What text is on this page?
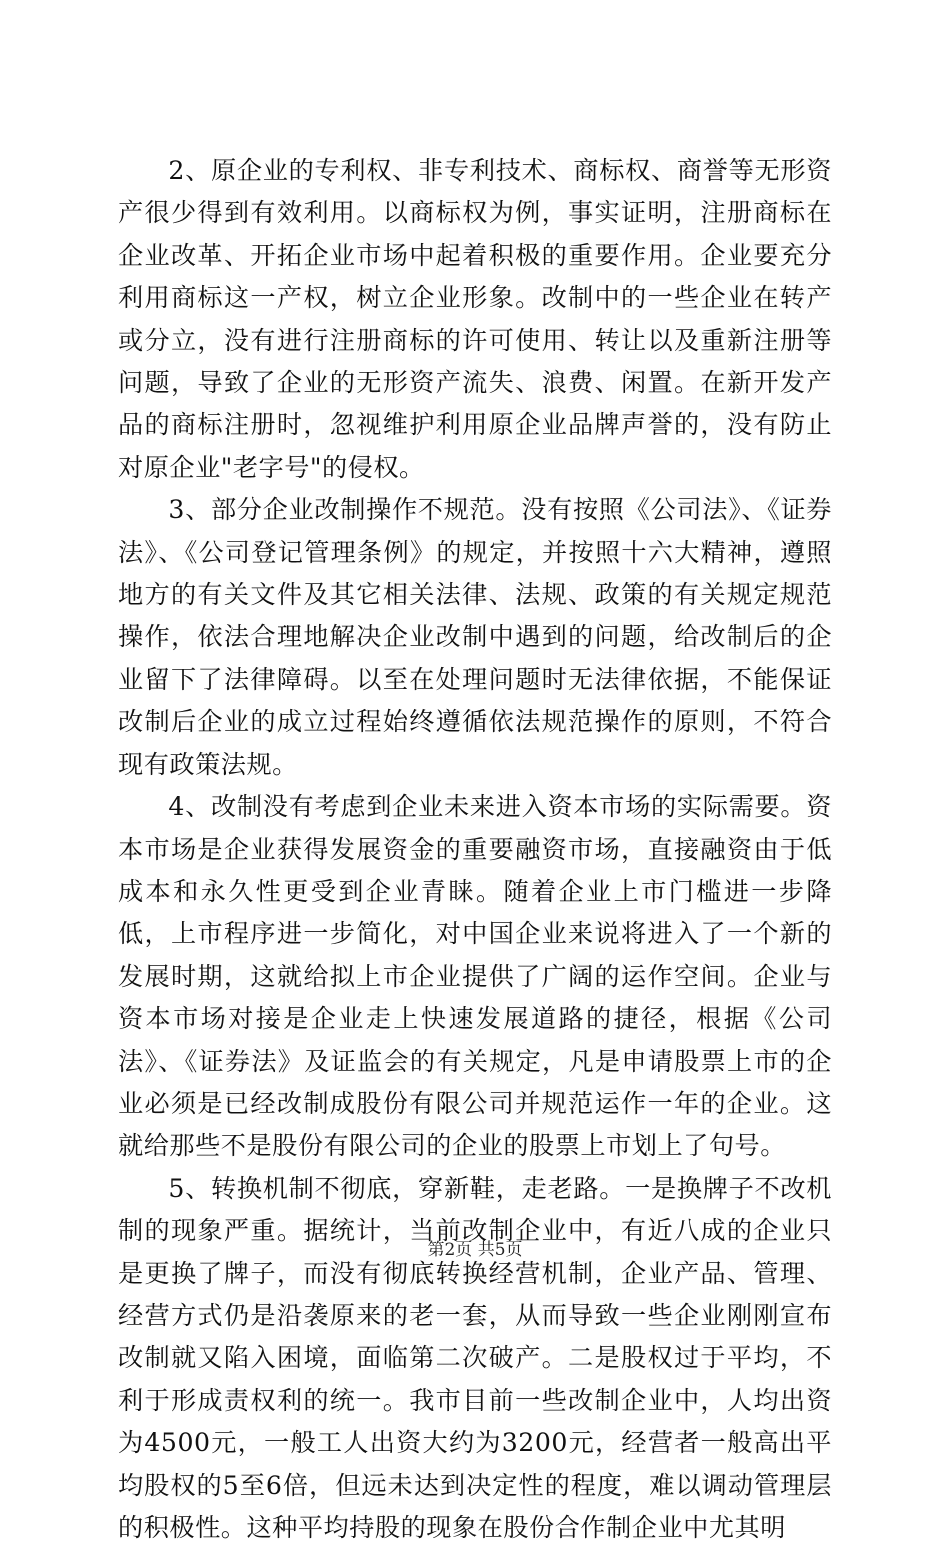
2、原企业的专利权、非专利技术、商标权、商誉等无形资产很少得到有效利用。以商标权为例，事实证明，注册商标在企业改革、开拓企业市场中起着积极的重要作用。企业要充分利用商标这一产权，树立企业形象。改制中的一些企业在转产或分立，没有进行注册商标的许可使用、转让以及重新注册等问题，导致了企业的无形资产流失、浪费、闲置。在新开发产品的商标注册时，忽视维护利用原企业品牌声誉的，没有防止对原企业"老字号"的侵权。

3、部分企业改制操作不规范。没有按照《公司法》、《证券法》、《公司登记管理条例》的规定，并按照十六大精神，遵照地方的有关文件及其它相关法律、法规、政策的有关规定规范操作，依法合理地解决企业改制中遇到的问题，给改制后的企业留下了法律障碍。以至在处理问题时无法律依据，不能保证改制后企业的成立过程始终遵循依法规范操作的原则，不符合现有政策法规。

4、改制没有考虑到企业未来进入资本市场的实际需要。资本市场是企业获得发展资金的重要融资市场，直接融资由于低成本和永久性更受到企业青睐。随着企业上市门槛进一步降低，上市程序进一步简化，对中国企业来说将进入了一个新的发展时期，这就给拟上市企业提供了广阔的运作空间。企业与资本市场对接是企业走上快速发展道路的捷径，根据《公司法》、《证券法》及证监会的有关规定，凡是申请股票上市的企业必须是已经改制成股份有限公司并规范运作一年的企业。这就给那些不是股份有限公司的企业的股票上市划上了句号。

5、转换机制不彻底，穿新鞋，走老路。一是换牌子不改机制的现象严重。据统计，当前改制企业中，有近八成的企业只是更换了牌子，而没有彻底转换经营机制，企业产品、管理、经营方式仍是沿袭原来的老一套，从而导致一些企业刚刚宣布改制就又陷入困境，面临第二次破产。二是股权过于平均，不利于形成责权利的统一。我市目前一些改制企业中，人均出资为4500元，一般工人出资大约为3200元，经营者一般高出平均股权的5至6倍，但远未达到决定性的程度，难以调动管理层的积极性。这种平均持股的现象在股份合作制企业中尤其明

第2页 共5页
